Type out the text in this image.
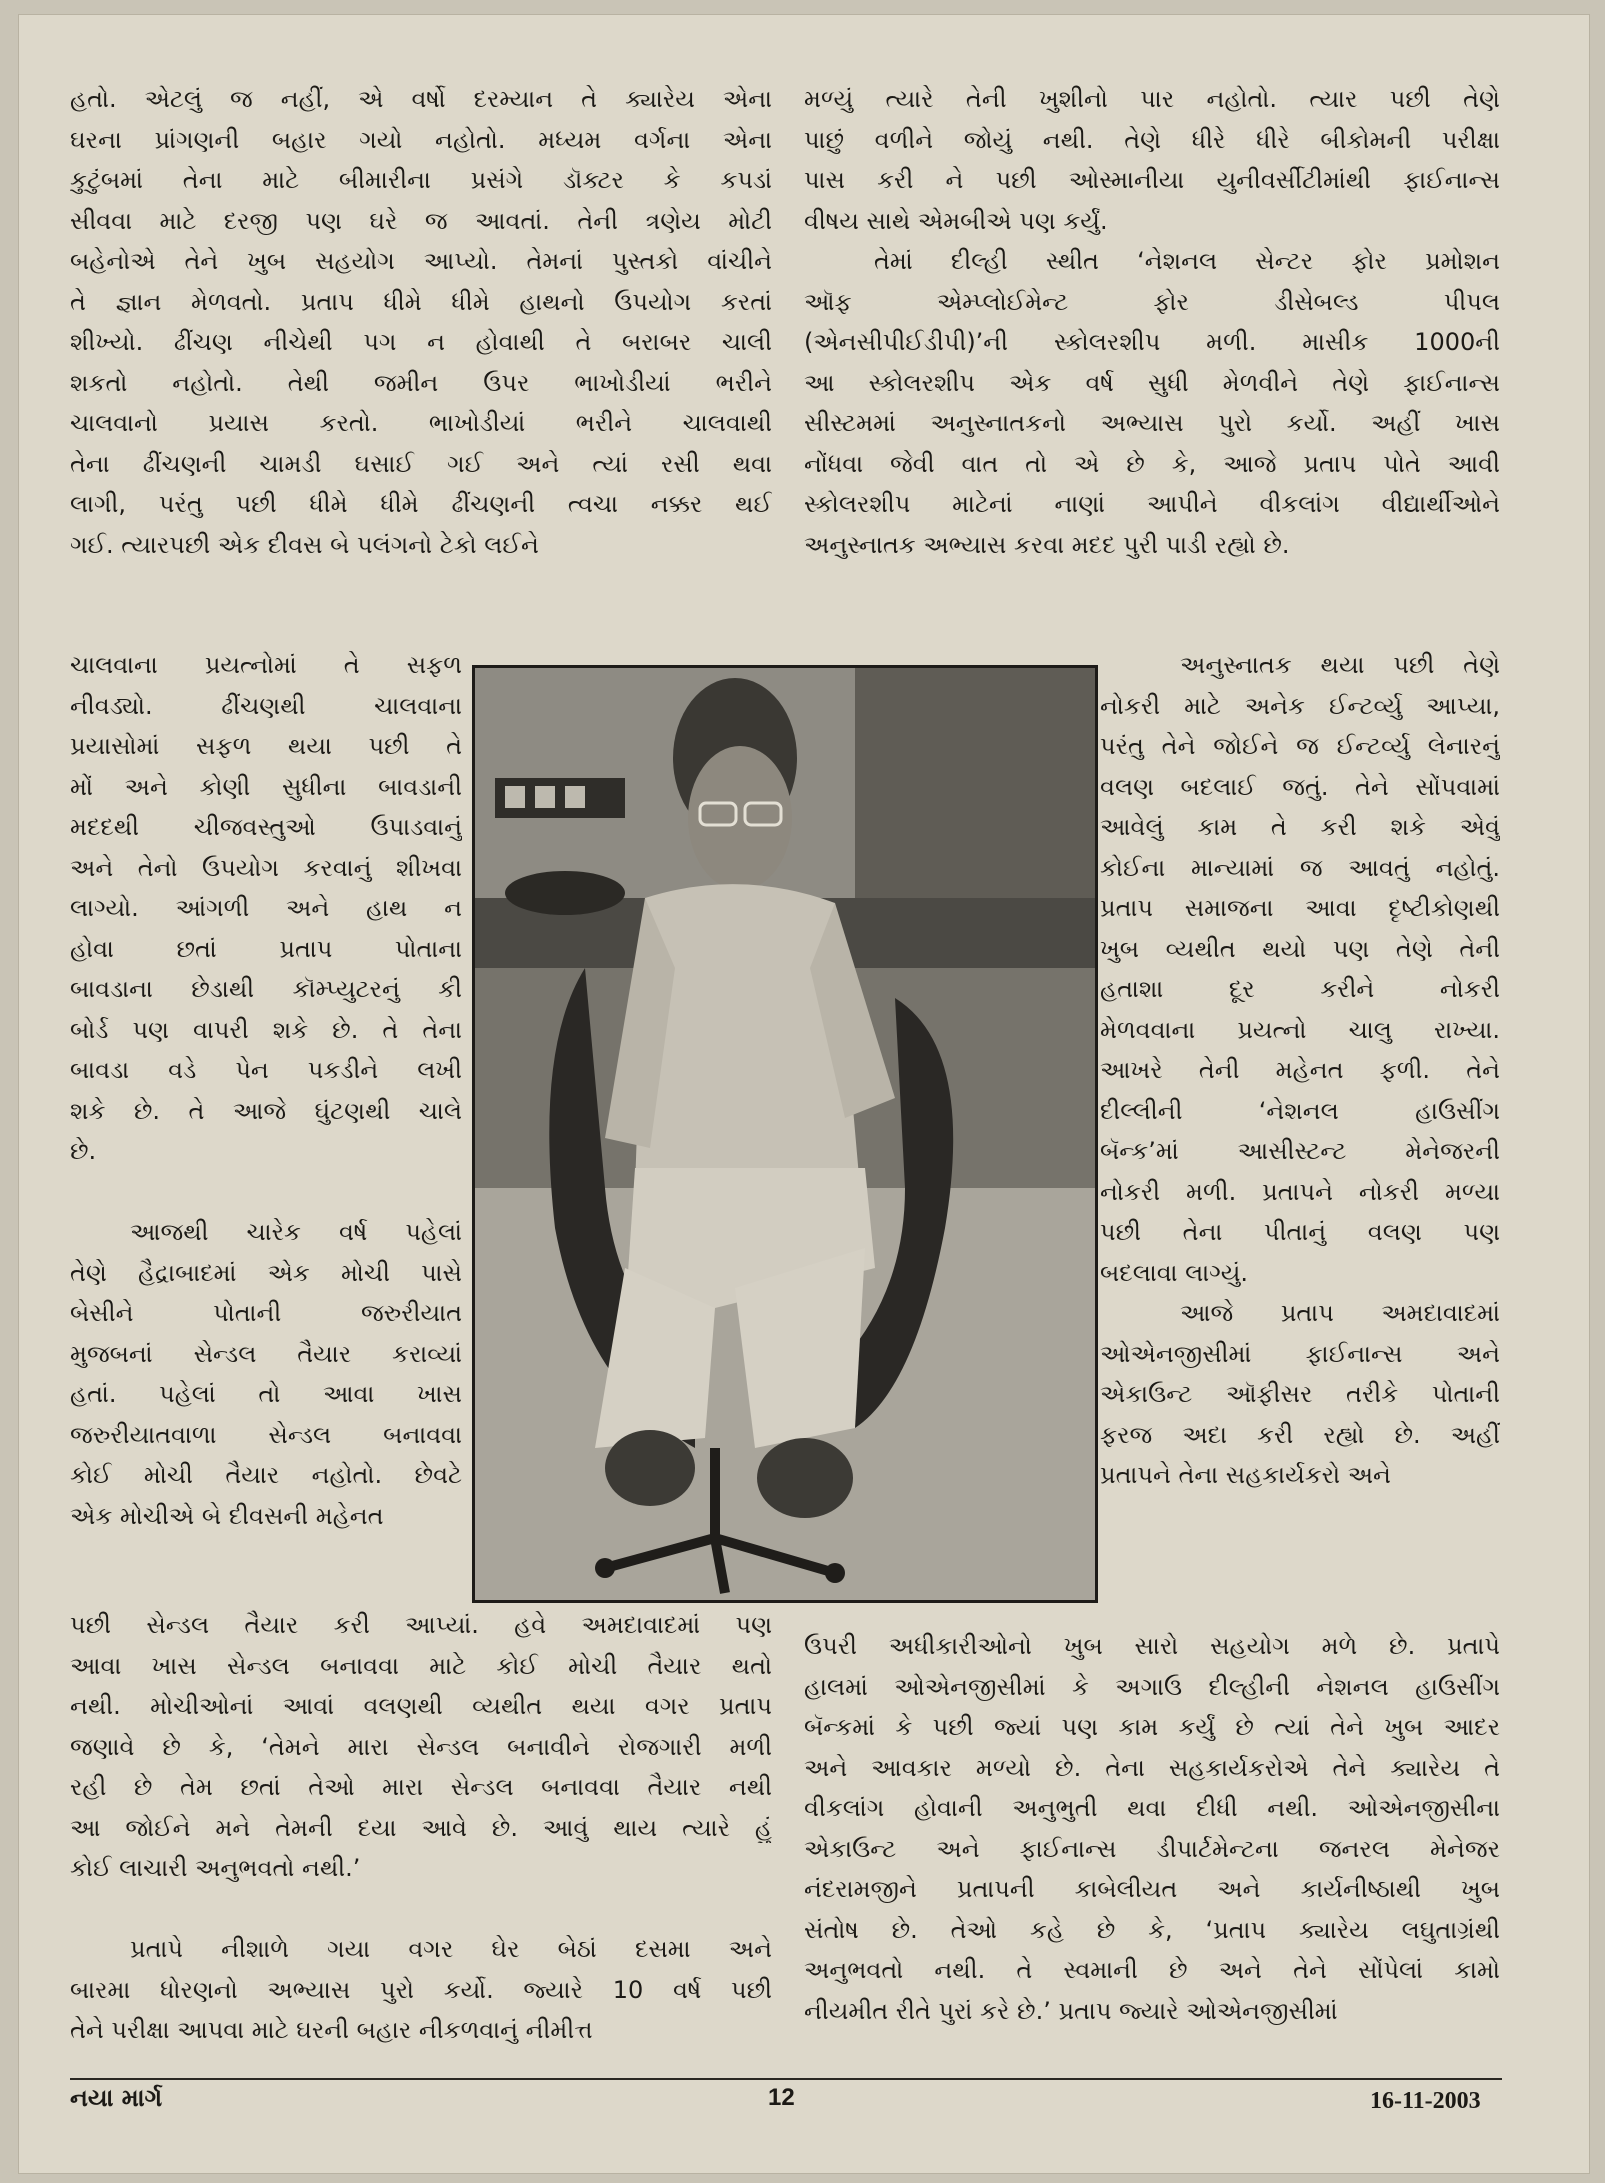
હતો. એટલું જ નહીં, એ વર્ષો દરમ્યાન તે ક્યારેય એના
ઘરના પ્રાંગણની બહાર ગયો નહોતો. મધ્યમ વર્ગના એના
કુટુંબમાં તેના માટે બીમારીના પ્રસંગે ડૉક્ટર કે કપડાં
સીવવા માટે દરજી પણ ઘરે જ આવતાં. તેની ત્રણેય મોટી
બહેનોએ તેને ખુબ સહયોગ આપ્યો. તેમનાં પુસ્તકો વાંચીને
તે જ્ઞાન મેળવતો. પ્રતાપ ધીમે ધીમે હાથનો ઉપયોગ કરતાં
શીખ્યો. ઢીંચણ નીચેથી પગ ન હોવાથી તે બરાબર ચાલી
શકતો નહોતો. તેથી જમીન ઉપર ભાખોડીયાં ભરીને
ચાલવાનો પ્રયાસ કરતો. ભાખોડીયાં ભરીને ચાલવાથી
તેના ઢીંચણની ચામડી ઘસાઈ ગઈ અને ત્યાં રસી થવા
લાગી, પરંતુ પછી ધીમે ધીમે ઢીંચણની ત્વચા નક્કર થઈ
ગઈ. ત્યારપછી એક દીવસ બે પલંગનો ટેકો લઈને
ચાલવાના પ્રયત્નોમાં તે સફળ
નીવડ્યો. ઢીંચણથી ચાલવાના
પ્રયાસોમાં સફળ થયા પછી તે
મોં અને કોણી સુધીના બાવડાની
મદદથી ચીજવસ્તુઓ ઉપાડવાનું
અને તેનો ઉપયોગ કરવાનું શીખવા
લાગ્યો. આંગળી અને હાથ ન
હોવા છતાં પ્રતાપ પોતાના
બાવડાના છેડાથી કૉમ્પ્યુટરનું કી
બોર્ડ પણ વાપરી શકે છે. તે તેના
બાવડા વડે પેન પકડીને લખી
શકે છે. તે આજે ઘુંટણથી ચાલે
છે.
આજથી ચારેક વર્ષ પહેલાં
તેણે હૈદ્રાબાદમાં એક મોચી પાસે
બેસીને પોતાની જરુરીયાત
મુજબનાં સેન્ડલ તૈયાર કરાવ્યાં
હતાં. પહેલાં તો આવા ખાસ
જરુરીયાતવાળા સેન્ડલ બનાવવા
કોઈ મોચી તૈયાર નહોતો. છેવટે
એક મોચીએ બે દીવસની મહેનત
પછી સેન્ડલ તૈયાર કરી આપ્યાં. હવે અમદાવાદમાં પણ
આવા ખાસ સેન્ડલ બનાવવા માટે કોઈ મોચી તૈયાર થતો
નથી. મોચીઓનાં આવાં વલણથી વ્યથીત થયા વગર પ્રતાપ
જણાવે છે કે, ‘તેમને મારા સેન્ડલ બનાવીને રોજગારી મળી
રહી છે તેમ છતાં તેઓ મારા સેન્ડલ બનાવવા તૈયાર નથી
આ જોઈને મને તેમની દયા આવે છે. આવું થાય ત્યારે હું
કોઈ લાચારી અનુભવતો નથી.’
પ્રતાપે નીશાળે ગયા વગર ઘેર બેઠાં દસમા અને
બારમા ધોરણનો અભ્યાસ પુરો કર્યો. જ્યારે 10 વર્ષ પછી
તેને પરીક્ષા આપવા માટે ઘરની બહાર નીકળવાનું નીમીત્ત
મળ્યું ત્યારે તેની ખુશીનો પાર નહોતો. ત્યાર પછી તેણે
પાછું વળીને જોયું નથી. તેણે ધીરે ધીરે બીકોમની પરીક્ષા
પાસ કરી ને પછી ઓસ્માનીયા યુનીવર્સીટીમાંથી ફાઈનાન્સ
વીષય સાથે એમબીએ પણ કર્યું.
તેમાં દીલ્હી સ્થીત ‘નેશનલ સેન્ટર ફોર પ્રમોશન
ઑફ એમ્પ્લોઈમેન્ટ ફોર ડીસેબલ્ડ પીપલ
(એનસીપીઈડીપી)’ની સ્કોલરશીપ મળી. માસીક 1000ની
આ સ્કોલરશીપ એક વર્ષ સુધી મેળવીને તેણે ફાઈનાન્સ
સીસ્ટમમાં અનુસ્નાતકનો અભ્યાસ પુરો કર્યો. અહીં ખાસ
નોંધવા જેવી વાત તો એ છે કે, આજે પ્રતાપ પોતે આવી
સ્કોલરશીપ માટેનાં નાણાં આપીને વીકલાંગ વીદ્યાર્થીઓને
અનુસ્નાતક અભ્યાસ કરવા મદદ પુરી પાડી રહ્યો છે.
અનુસ્નાતક થયા પછી તેણે
નોકરી માટે અનેક ઈન્ટર્વ્યુ આપ્યા,
પરંતુ તેને જોઈને જ ઈન્ટર્વ્યુ લેનારનું
વલણ બદલાઈ જતું. તેને સોંપવામાં
આવેલું કામ તે કરી શકે એવું
કોઈના માન્યામાં જ આવતું નહોતું.
પ્રતાપ સમાજના આવા દૃષ્ટીકોણથી
ખુબ વ્યથીત થયો પણ તેણે તેની
હતાશા દૂર કરીને નોકરી
મેળવવાના પ્રયત્નો ચાલુ રાખ્યા.
આખરે તેની મહેનત ફળી. તેને
દીલ્લીની ‘નેશનલ હાઉસીંગ
બૅન્ક’માં આસીસ્ટન્ટ મેનેજરની
નોકરી મળી. પ્રતાપને નોકરી મળ્યા
પછી તેના પીતાનું વલણ પણ
બદલાવા લાગ્યું.
આજે પ્રતાપ અમદાવાદમાં
ઓએનજીસીમાં ફાઈનાન્સ અને
એકાઉન્ટ ઑફીસર તરીકે પોતાની
ફરજ અદા કરી રહ્યો છે. અહીં
પ્રતાપને તેના સહકાર્યકરો અને
ઉપરી અધીકારીઓનો ખુબ સારો સહયોગ મળે છે. પ્રતાપે
હાલમાં ઓએનજીસીમાં કે અગાઉ દીલ્હીની નેશનલ હાઉસીંગ
બૅન્કમાં કે પછી જ્યાં પણ કામ કર્યું છે ત્યાં તેને ખુબ આદર
અને આવકાર મળ્યો છે. તેના સહકાર્યકરોએ તેને ક્યારેય તે
વીકલાંગ હોવાની અનુભુતી થવા દીધી નથી. ઓએનજીસીના
એકાઉન્ટ અને ફાઈનાન્સ ડીપાર્ટમેન્ટના જનરલ મેનેજર
નંદરામજીને પ્રતાપની કાબેલીયત અને કાર્યનીષ્ઠાથી ખુબ
સંતોષ છે. તેઓ કહે છે કે, ‘પ્રતાપ ક્યારેય લઘુતાગ્રંથી
અનુભવતો નથી. તે સ્વમાની છે અને તેને સોંપેલાં કામો
નીયમીત રીતે પુરાં કરે છે.’ પ્રતાપ જ્યારે ઓએનજીસીમાં
નયા માર્ગ	12	16-11-2003
